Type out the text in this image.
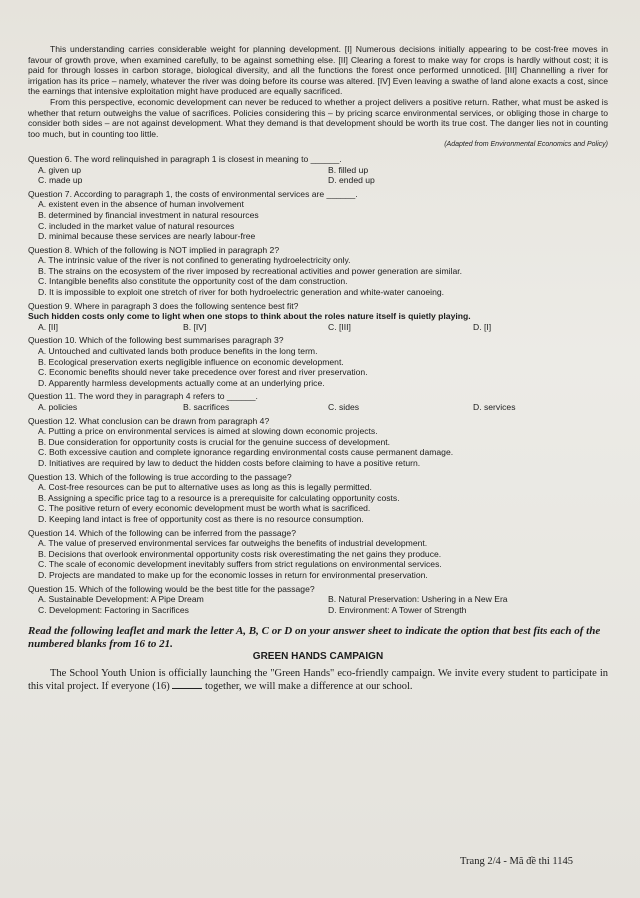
This understanding carries considerable weight for planning development. [I] Numerous decisions initially appearing to be cost-free moves in favour of growth prove, when examined carefully, to be against something else. [II] Clearing a forest to make way for crops is hardly without cost; it is paid for through losses in carbon storage, biological diversity, and all the functions the forest once performed unnoticed. [III] Channelling a river for irrigation has its price – namely, whatever the river was doing before its course was altered. [IV] Even leaving a swathe of land alone exacts a cost, since the earnings that intensive exploitation might have produced are equally sacrificed.

From this perspective, economic development can never be reduced to whether a project delivers a positive return. Rather, what must be asked is whether that return outweighs the value of sacrifices. Policies considering this – by pricing scarce environmental services, or obliging those in charge to consider both sides – are not against development. What they demand is that development should be worth its true cost. The danger lies not in counting too much, but in counting too little.

(Adapted from Environmental Economics and Policy)
Question 6. The word relinquished in paragraph 1 is closest in meaning to ______.
A. given up	B. filled up
C. made up	D. ended up
Question 7. According to paragraph 1, the costs of environmental services are ______.
A. existent even in the absence of human involvement
B. determined by financial investment in natural resources
C. included in the market value of natural resources
D. minimal because these services are nearly labour-free
Question 8. Which of the following is NOT implied in paragraph 2?
A. The intrinsic value of the river is not confined to generating hydroelectricity only.
B. The strains on the ecosystem of the river imposed by recreational activities and power generation are similar.
C. Intangible benefits also constitute the opportunity cost of the dam construction.
D. It is impossible to exploit one stretch of river for both hydroelectric generation and white-water canoeing.
Question 9. Where in paragraph 3 does the following sentence best fit?
Such hidden costs only come to light when one stops to think about the roles nature itself is quietly playing.
A. [II]	B. [IV]	C. [III]	D. [I]
Question 10. Which of the following best summarises paragraph 3?
A. Untouched and cultivated lands both produce benefits in the long term.
B. Ecological preservation exerts negligible influence on economic development.
C. Economic benefits should never take precedence over forest and river preservation.
D. Apparently harmless developments actually come at an underlying price.
Question 11. The word they in paragraph 4 refers to ______.
A. policies	B. sacrifices	C. sides	D. services
Question 12. What conclusion can be drawn from paragraph 4?
A. Putting a price on environmental services is aimed at slowing down economic projects.
B. Due consideration for opportunity costs is crucial for the genuine success of development.
C. Both excessive caution and complete ignorance regarding environmental costs cause permanent damage.
D. Initiatives are required by law to deduct the hidden costs before claiming to have a positive return.
Question 13. Which of the following is true according to the passage?
A. Cost-free resources can be put to alternative uses as long as this is legally permitted.
B. Assigning a specific price tag to a resource is a prerequisite for calculating opportunity costs.
C. The positive return of every economic development must be worth what is sacrificed.
D. Keeping land intact is free of opportunity cost as there is no resource consumption.
Question 14. Which of the following can be inferred from the passage?
A. The value of preserved environmental services far outweighs the benefits of industrial development.
B. Decisions that overlook environmental opportunity costs risk overestimating the net gains they produce.
C. The scale of economic development inevitably suffers from strict regulations on environmental services.
D. Projects are mandated to make up for the economic losses in return for environmental preservation.
Question 15. Which of the following would be the best title for the passage?
A. Sustainable Development: A Pipe Dream	B. Natural Preservation: Ushering in a New Era
C. Development: Factoring in Sacrifices	D. Environment: A Tower of Strength
Read the following leaflet and mark the letter A, B, C or D on your answer sheet to indicate the option that best fits each of the numbered blanks from 16 to 21.
GREEN HANDS CAMPAIGN

The School Youth Union is officially launching the "Green Hands" eco-friendly campaign. We invite every student to participate in this vital project. If everyone (16)	together, we will make a difference at our school.

Trang 2/4 - Mã đề thi 1145
